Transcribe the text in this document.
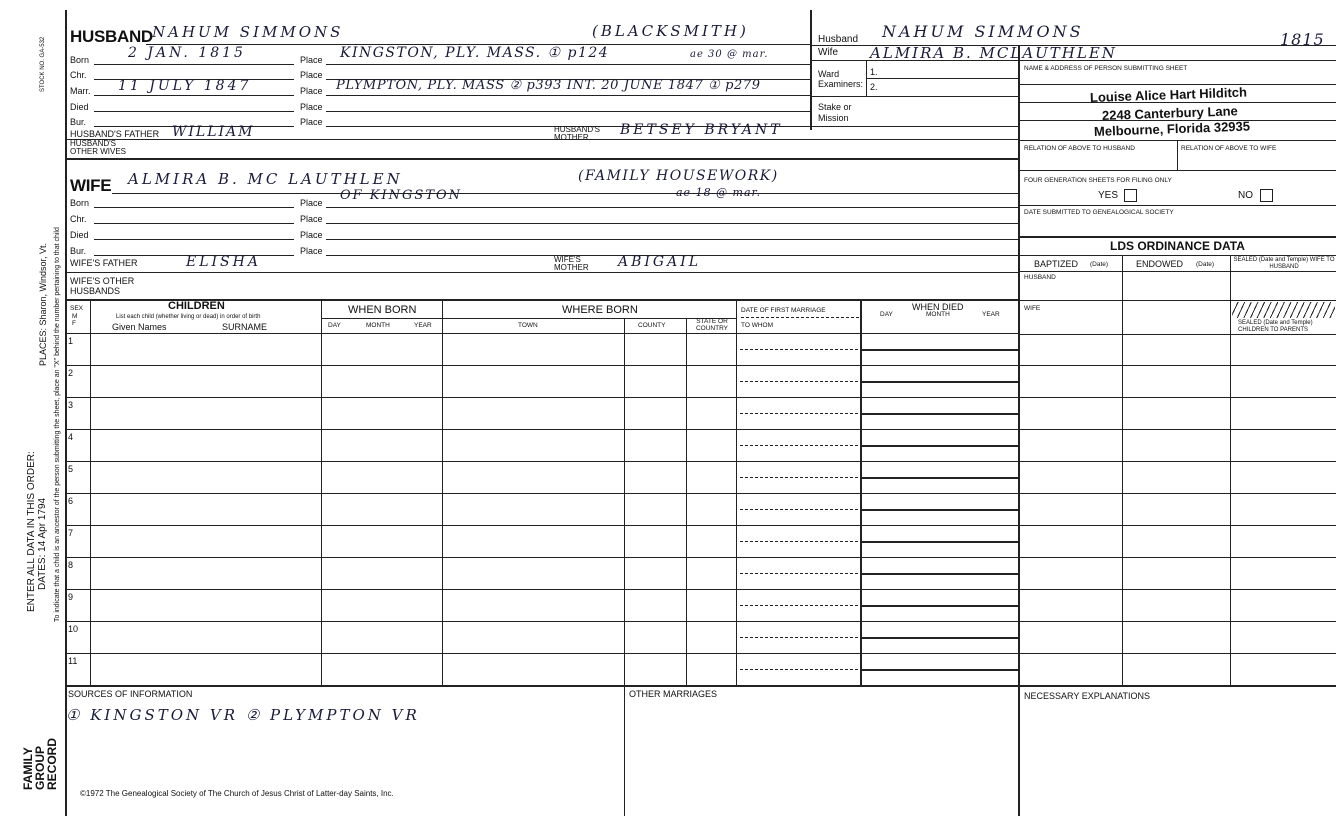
STOCK NO. GA-532
PLACES: Sharon, Windsor, Vt.
ENTER ALL DATA IN THIS ORDER: DATES: 14 Apr 1794 To indicate that a child is an ancestor of the person submitting the sheet, place an "X" behind the number pertaining to that child
FAMILY GROUP RECORD
HUSBAND NAHUM SIMMONS	(BLACKSMITH)
Born	2 JAN. 1815	Place KINGSTON, PLY. MASS. ① p124	ae 30 @ mar.
Chr.	Place
Marr. 11 JULY 1847	Place PLYMPTON, PLY. MASS ② p393 INT. 20 JUNE 1847 ① p279
Died	Place
Bur.	Place
HUSBAND'S FATHER WILLIAM	HUSBAND'S MOTHER	BETSEY BRYANT
HUSBAND'S OTHER WIVES
WIFE ALMIRA B. MC LAUTHLEN	(FAMILY HOUSEWORK)
ae 18 @ mar.
Born	Place OF KINGSTON
Chr.	Place
Died	Place
Bur.	Place
WIFE'S FATHER	ELISHA	WIFE'S MOTHER	ABIGAIL
WIFE'S OTHER HUSBANDS
SEX
M F
CHILDREN
List each child (whether living or dead) in order of birth
Given Names	SURNAME
WHEN BORN
DAY	MONTH	YEAR
WHERE BORN
TOWN	COUNTY
STATE OR COUNTRY
DATE OF FIRST MARRIAGE
TO WHOM
WHEN DIED
DAY	MONTH	YEAR
1
2
3
4
5
6
7
8
9
10
11
Husband NAHUM SIMMONS	1815
Wife ALMIRA B. MCLAUTHLEN
Ward
Examiners:
1.
2.
Stake or Mission
NAME & ADDRESS OF PERSON SUBMITTING SHEET
Louise Alice Hart Hilditch
2248 Canterbury Lane
Melbourne, Florida 32935
RELATION OF ABOVE TO HUSBAND	RELATION OF ABOVE TO WIFE
FOUR GENERATION SHEETS FOR FILING ONLY
YES	NO
DATE SUBMITTED TO GENEALOGICAL SOCIETY
LDS ORDINANCE DATA
BAPTIZED (Date)	ENDOWED (Date)
SEALED (Date and Temple) WIFE TO HUSBAND
HUSBAND
WIFE
SEALED (Date and Temple) CHILDREN TO PARENTS
SOURCES OF INFORMATION
① KINGSTON VR ② PLYMPTON VR
OTHER MARRIAGES	NECESSARY EXPLANATIONS
©1972 The Genealogical Society of The Church of Jesus Christ of Latter-day Saints, Inc.
